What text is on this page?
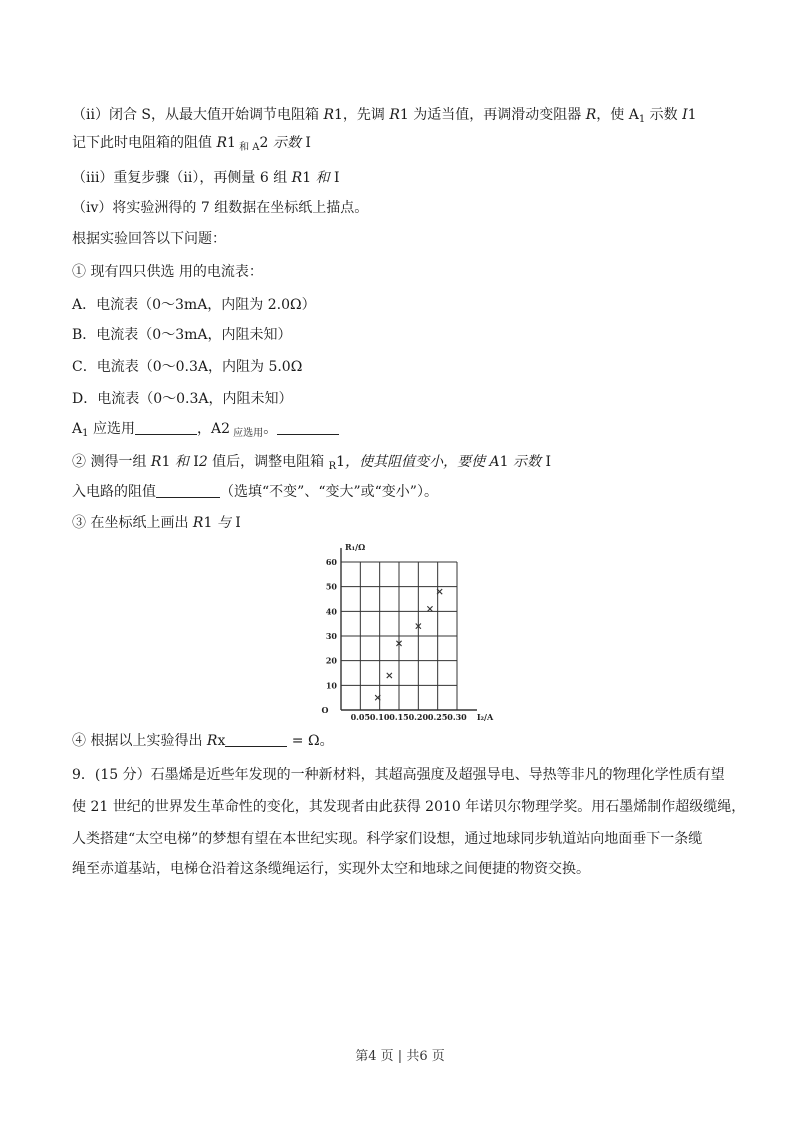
（ii）闭合 S，从最大值开始调节电阻箱 R1，先调 R1 为适当值，再调滑动变阻器 R，使 $A_1$ 示数 I1
记下此时电阻箱的阻值 R1 $_{和 A}$2 示数 I
（iii）重复步骤（ii），再侧量 6 组 R1 和 I
（iv）将实验洲得的 7 组数据在坐标纸上描点。
根据实验回答以下问题：
① 现有四只供选 用的电流表：
A．电流表（0～3mA，内阻为 2.0Ω）
B．电流表（0～3mA，内阻未知）
C．电流表（0～0.3A，内阻为 5.0Ω
D．电流表（0～0.3A，内阻未知）
$A_1$ 应选用	，A2 $_{应选用}$。
② 测得一组 R1 和 I2 值后，调整电阻箱 $_R$1，使其阻值变小，要使 A1 示数 I
入电路的阻值	（选填“不变”、“变大”或“变小”）。
③ 在坐标纸上画出 R1 与 I
10
20
30
40
50
60
0.05 0.10 0.15 0.20 0.25 0.30
O
R₁/Ω
I₂/A
④ 根据以上实验得出 Rx	= Ω。
9．(15 分）石墨烯是近些年发现的一种新材料，其超高强度及超强导电、导热等非凡的物理化学性质有望
使 21 世纪的世界发生革命性的变化，其发现者由此获得 2010 年诺贝尔物理学奖。用石墨烯制作超级缆绳，
人类搭建“太空电梯”的梦想有望在本世纪实现。科学家们设想，通过地球同步轨道站向地面垂下一条缆
绳至赤道基站，电梯仓沿着这条缆绳运行，实现外太空和地球之间便捷的物资交换。
第4 页 | 共6 页
